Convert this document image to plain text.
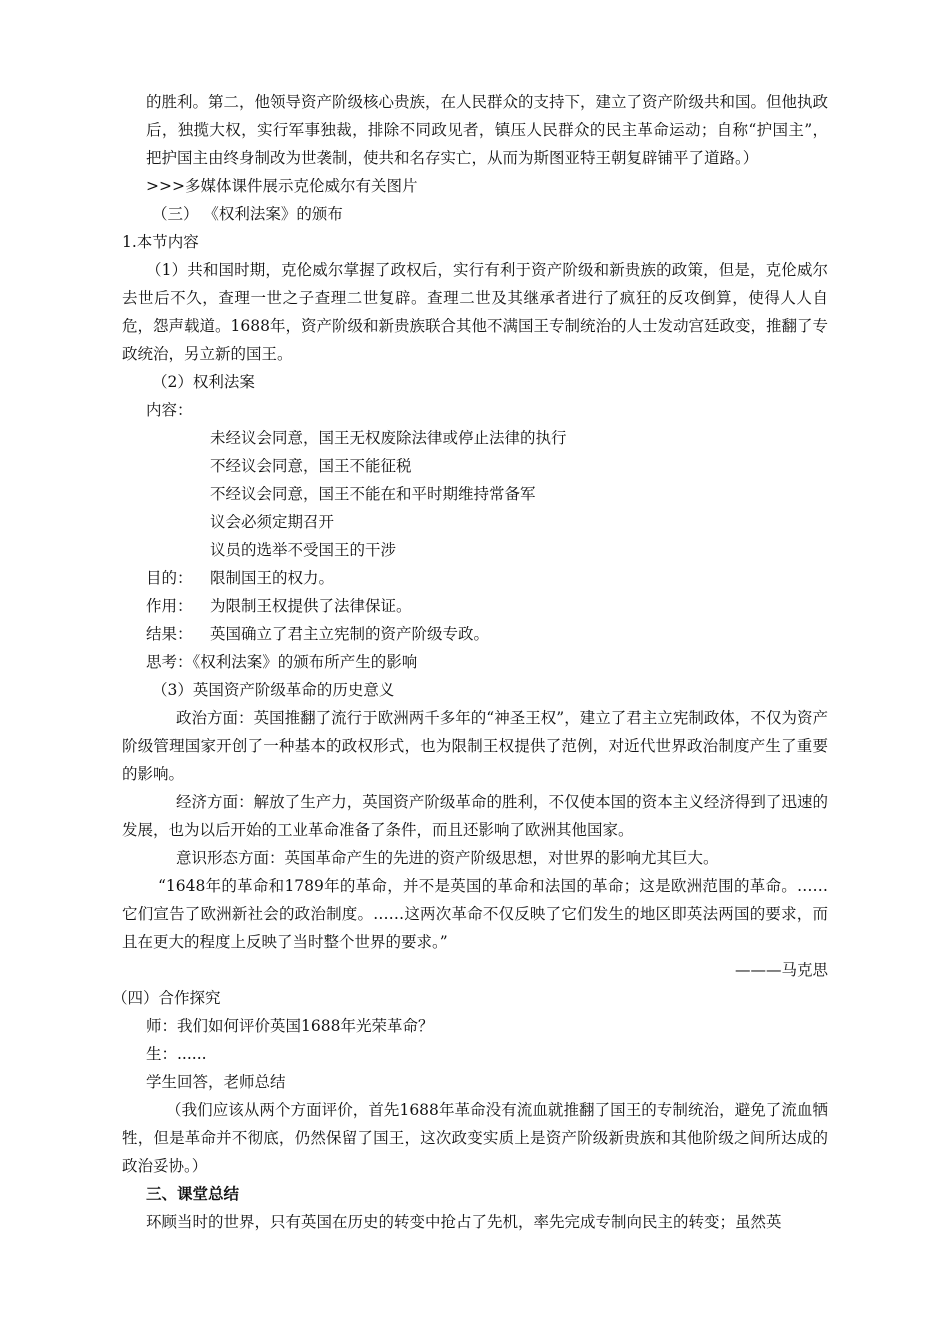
的胜利。第二，他领导资产阶级核心贵族，在人民群众的支持下，建立了资产阶级共和国。但他执政后，独揽大权，实行军事独裁，排除不同政见者，镇压人民群众的民主革命运动；自称“护国主”，把护国主由终身制改为世袭制，使共和名存实亡，从而为斯图亚特王朝复辟铺平了道路。）

>>>多媒体课件展示克伦威尔有关图片

（三） 《权利法案》的颁布

1.本节内容

（1）共和国时期，克伦威尔掌握了政权后，实行有利于资产阶级和新贵族的政策，但是，克伦威尔去世后不久，查理一世之子查理二世复辟。查理二世及其继承者进行了疯狂的反攻倒算，使得人人自危，怨声载道。1688年，资产阶级和新贵族联合其他不满国王专制统治的人士发动宫廷政变，推翻了专政统治，另立新的国王。

（2）权利法案

内容：

未经议会同意，国王无权废除法律或停止法律的执行

不经议会同意，国王不能征税

不经议会同意，国王不能在和平时期维持常备军

议会必须定期召开

议员的选举不受国王的干涉

目的：	限制国王的权力。
作用：	为限制王权提供了法律保证。
结果：	英国确立了君主立宪制的资产阶级专政。

思考：《权利法案》的颁布所产生的影响

（3）英国资产阶级革命的历史意义

政治方面：英国推翻了流行于欧洲两千多年的“神圣王权”，建立了君主立宪制政体，不仅为资产阶级管理国家开创了一种基本的政权形式，也为限制王权提供了范例，对近代世界政治制度产生了重要的影响。

经济方面：解放了生产力，英国资产阶级革命的胜利，不仅使本国的资本主义经济得到了迅速的发展，也为以后开始的工业革命准备了条件，而且还影响了欧洲其他国家。

意识形态方面：英国革命产生的先进的资产阶级思想，对世界的影响尤其巨大。

“1648年的革命和1789年的革命，并不是英国的革命和法国的革命；这是欧洲范围的革命。……它们宣告了欧洲新社会的政治制度。……这两次革命不仅反映了它们发生的地区即英法两国的要求，而且在更大的程度上反映了当时整个世界的要求。”

———马克思

（四）合作探究

师：我们如何评价英国1688年光荣革命？

生：......

学生回答，老师总结

（我们应该从两个方面评价，首先1688年革命没有流血就推翻了国王的专制统治，避免了流血牺牲，但是革命并不彻底，仍然保留了国王，这次政变实质上是资产阶级新贵族和其他阶级之间所达成的政治妥协。）

三、课堂总结

环顾当时的世界，只有英国在历史的转变中抢占了先机，率先完成专制向民主的转变；虽然英
